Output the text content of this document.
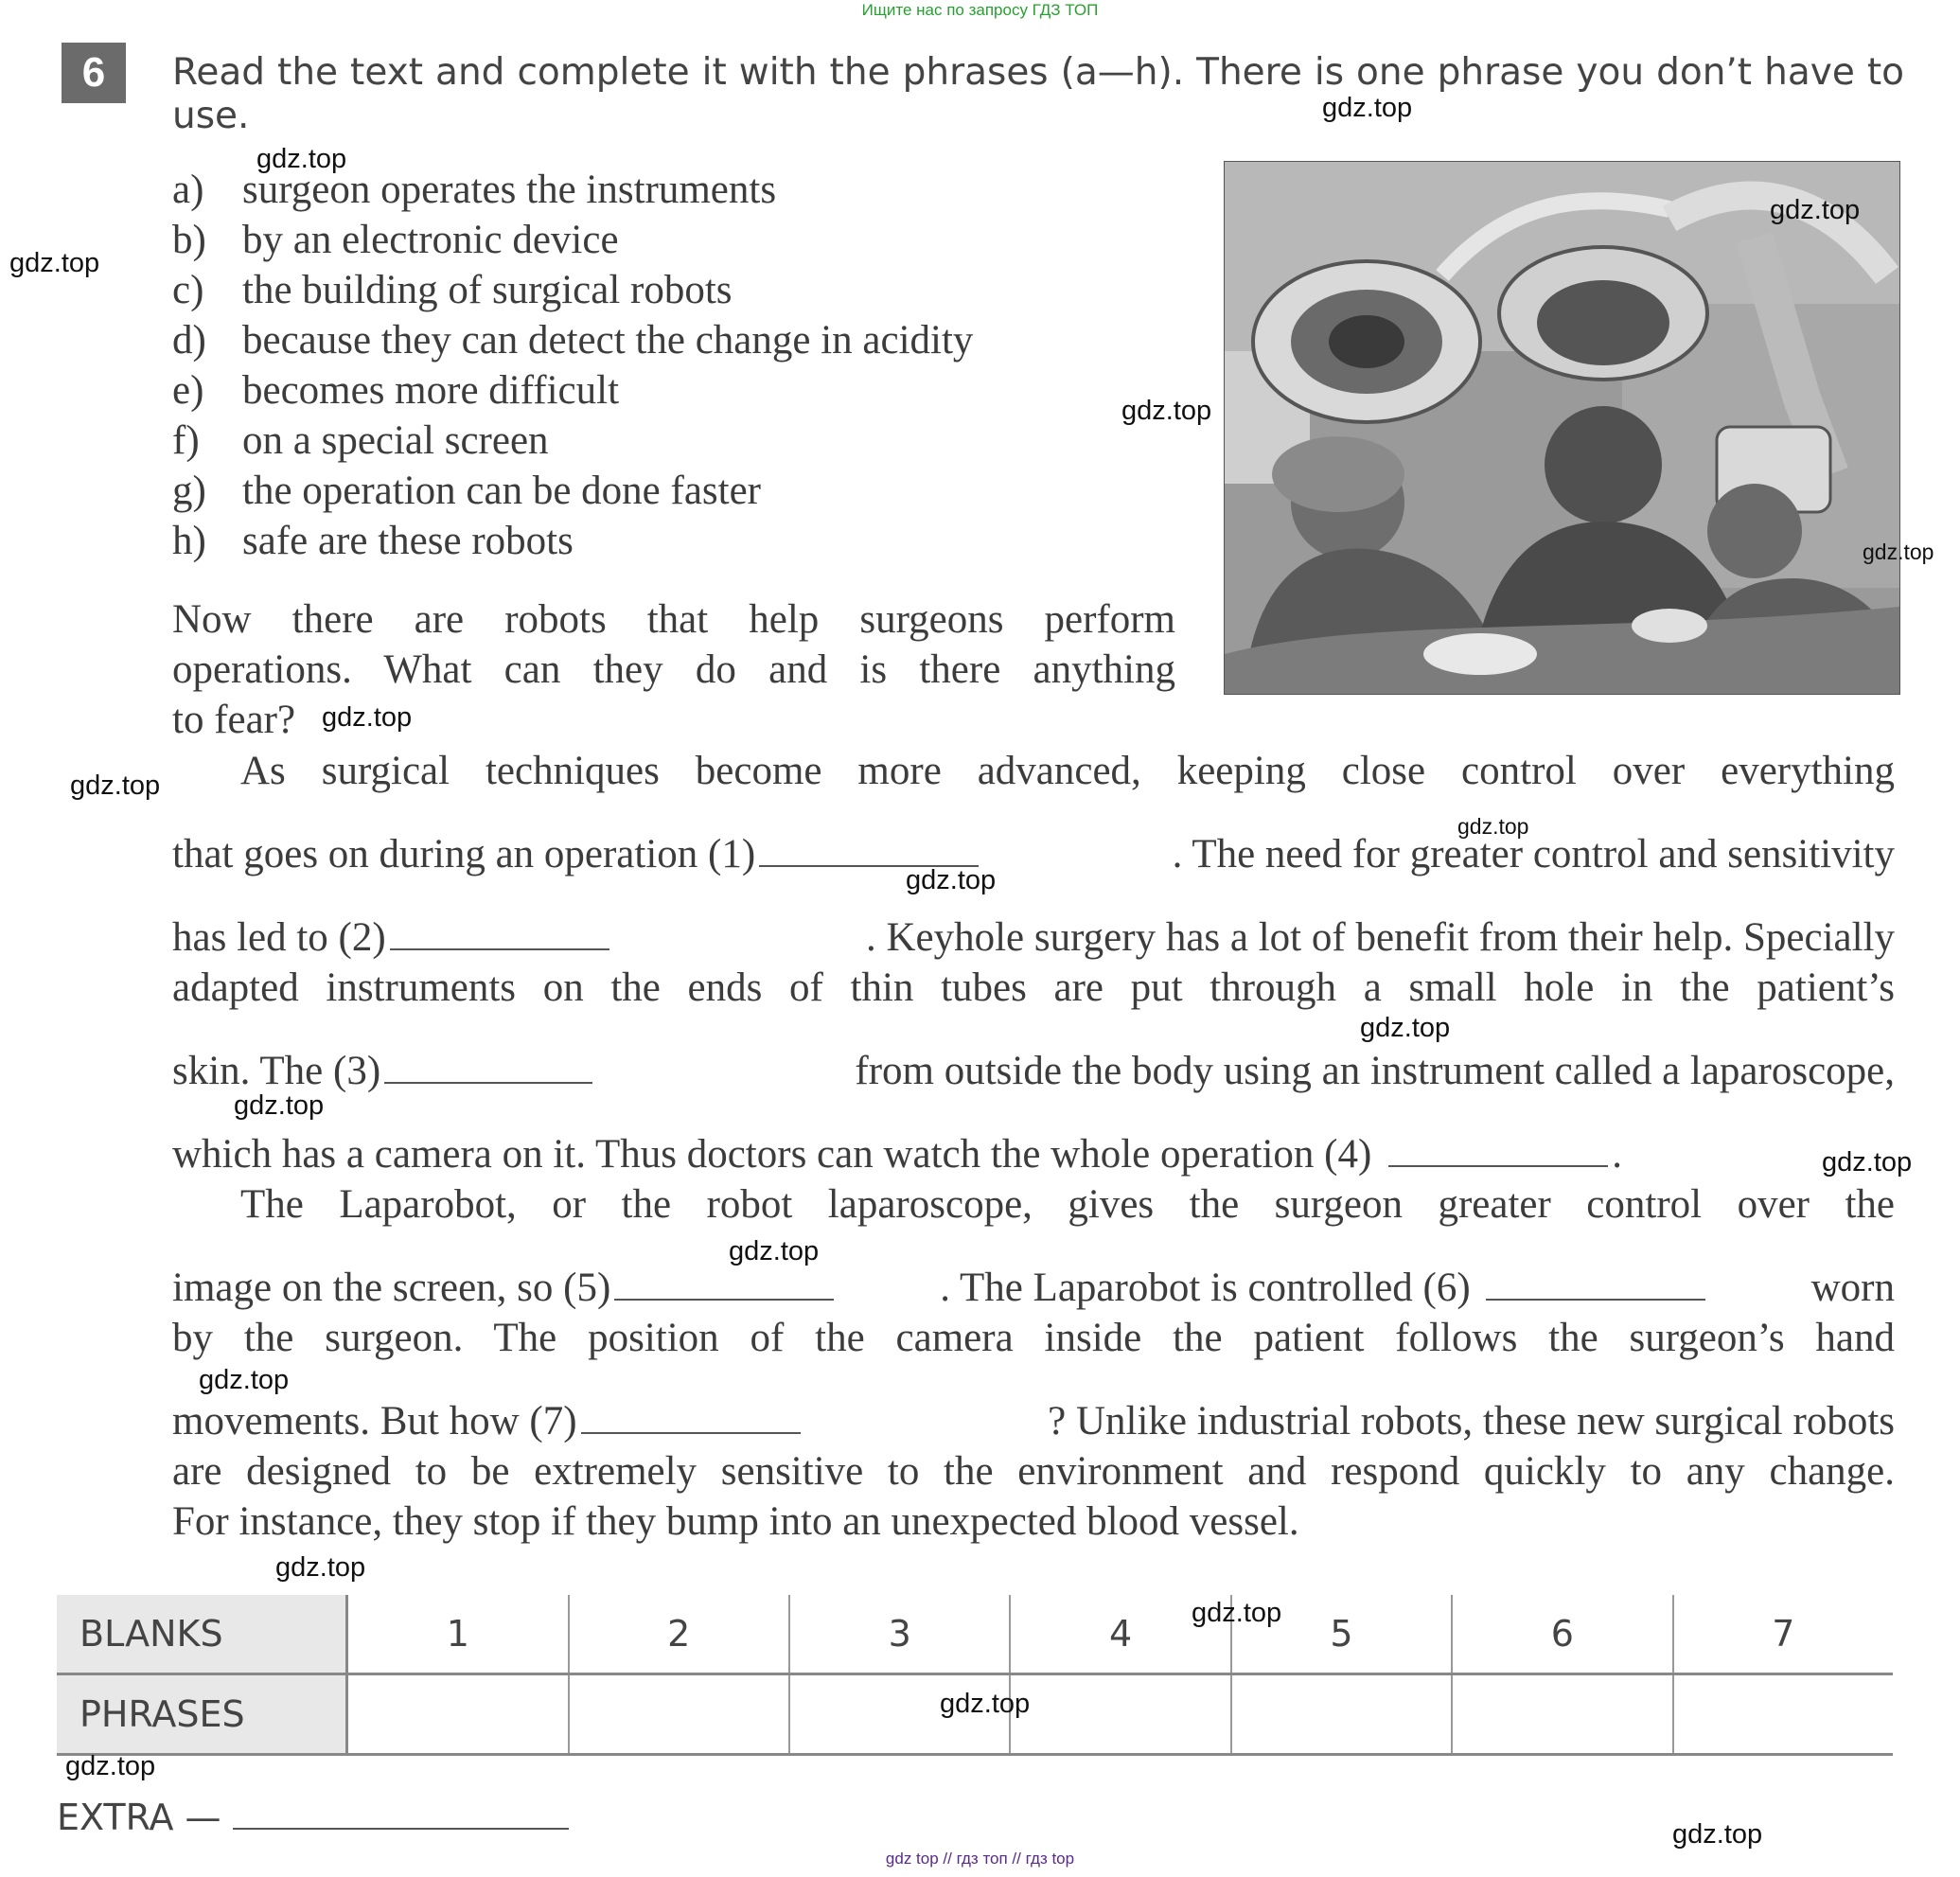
Ищите нас по запросу ГДЗ ТОП
6	Read the text and complete it with the phrases (a—h). There is one phrase you don’t have to use.
a) surgeon operates the instruments
b) by an electronic device
c) the building of surgical robots
d) because they can detect the change in acidity
e) becomes more difficult
f) on a special screen
g) the operation can be done faster
h) safe are these robots
Now there are robots that help surgeons perform
operations. What can they do and is there anything
to fear?
As surgical techniques become more advanced, keeping close control over everything
that goes on during an operation (1)	. The need for greater control and sensitivity
has led to (2)	. Keyhole surgery has a lot of benefit from their help. Specially
adapted instruments on the ends of thin tubes are put through a small hole in the patient’s
skin. The (3)	from outside the body using an instrument called a laparoscope,
which has a camera on it. Thus doctors can watch the whole operation (4)	.
The Laparobot, or the robot laparoscope, gives the surgeon greater control over the
image on the screen, so (5)	. The Laparobot is controlled (6)	worn
by the surgeon. The position of the camera inside the patient follows the surgeon’s hand
movements. But how (7)	? Unlike industrial robots, these new surgical robots
are designed to be extremely sensitive to the environment and respond quickly to any change.
For instance, they stop if they bump into an unexpected blood vessel.
BLANKS	1	2	3	4	5	6	7
PHRASES							
EXTRA —
gdz.top
gdz.top
gdz.top
gdz.top
gdz.top
gdz.top
gdz.top
gdz.top
gdz.top
gdz.top
gdz.top
gdz.top
gdz.top
gdz.top
gdz.top
gdz.top
gdz.top
gdz.top
gdz.top
gdz.top
gdz top // гдз топ // гдз top
